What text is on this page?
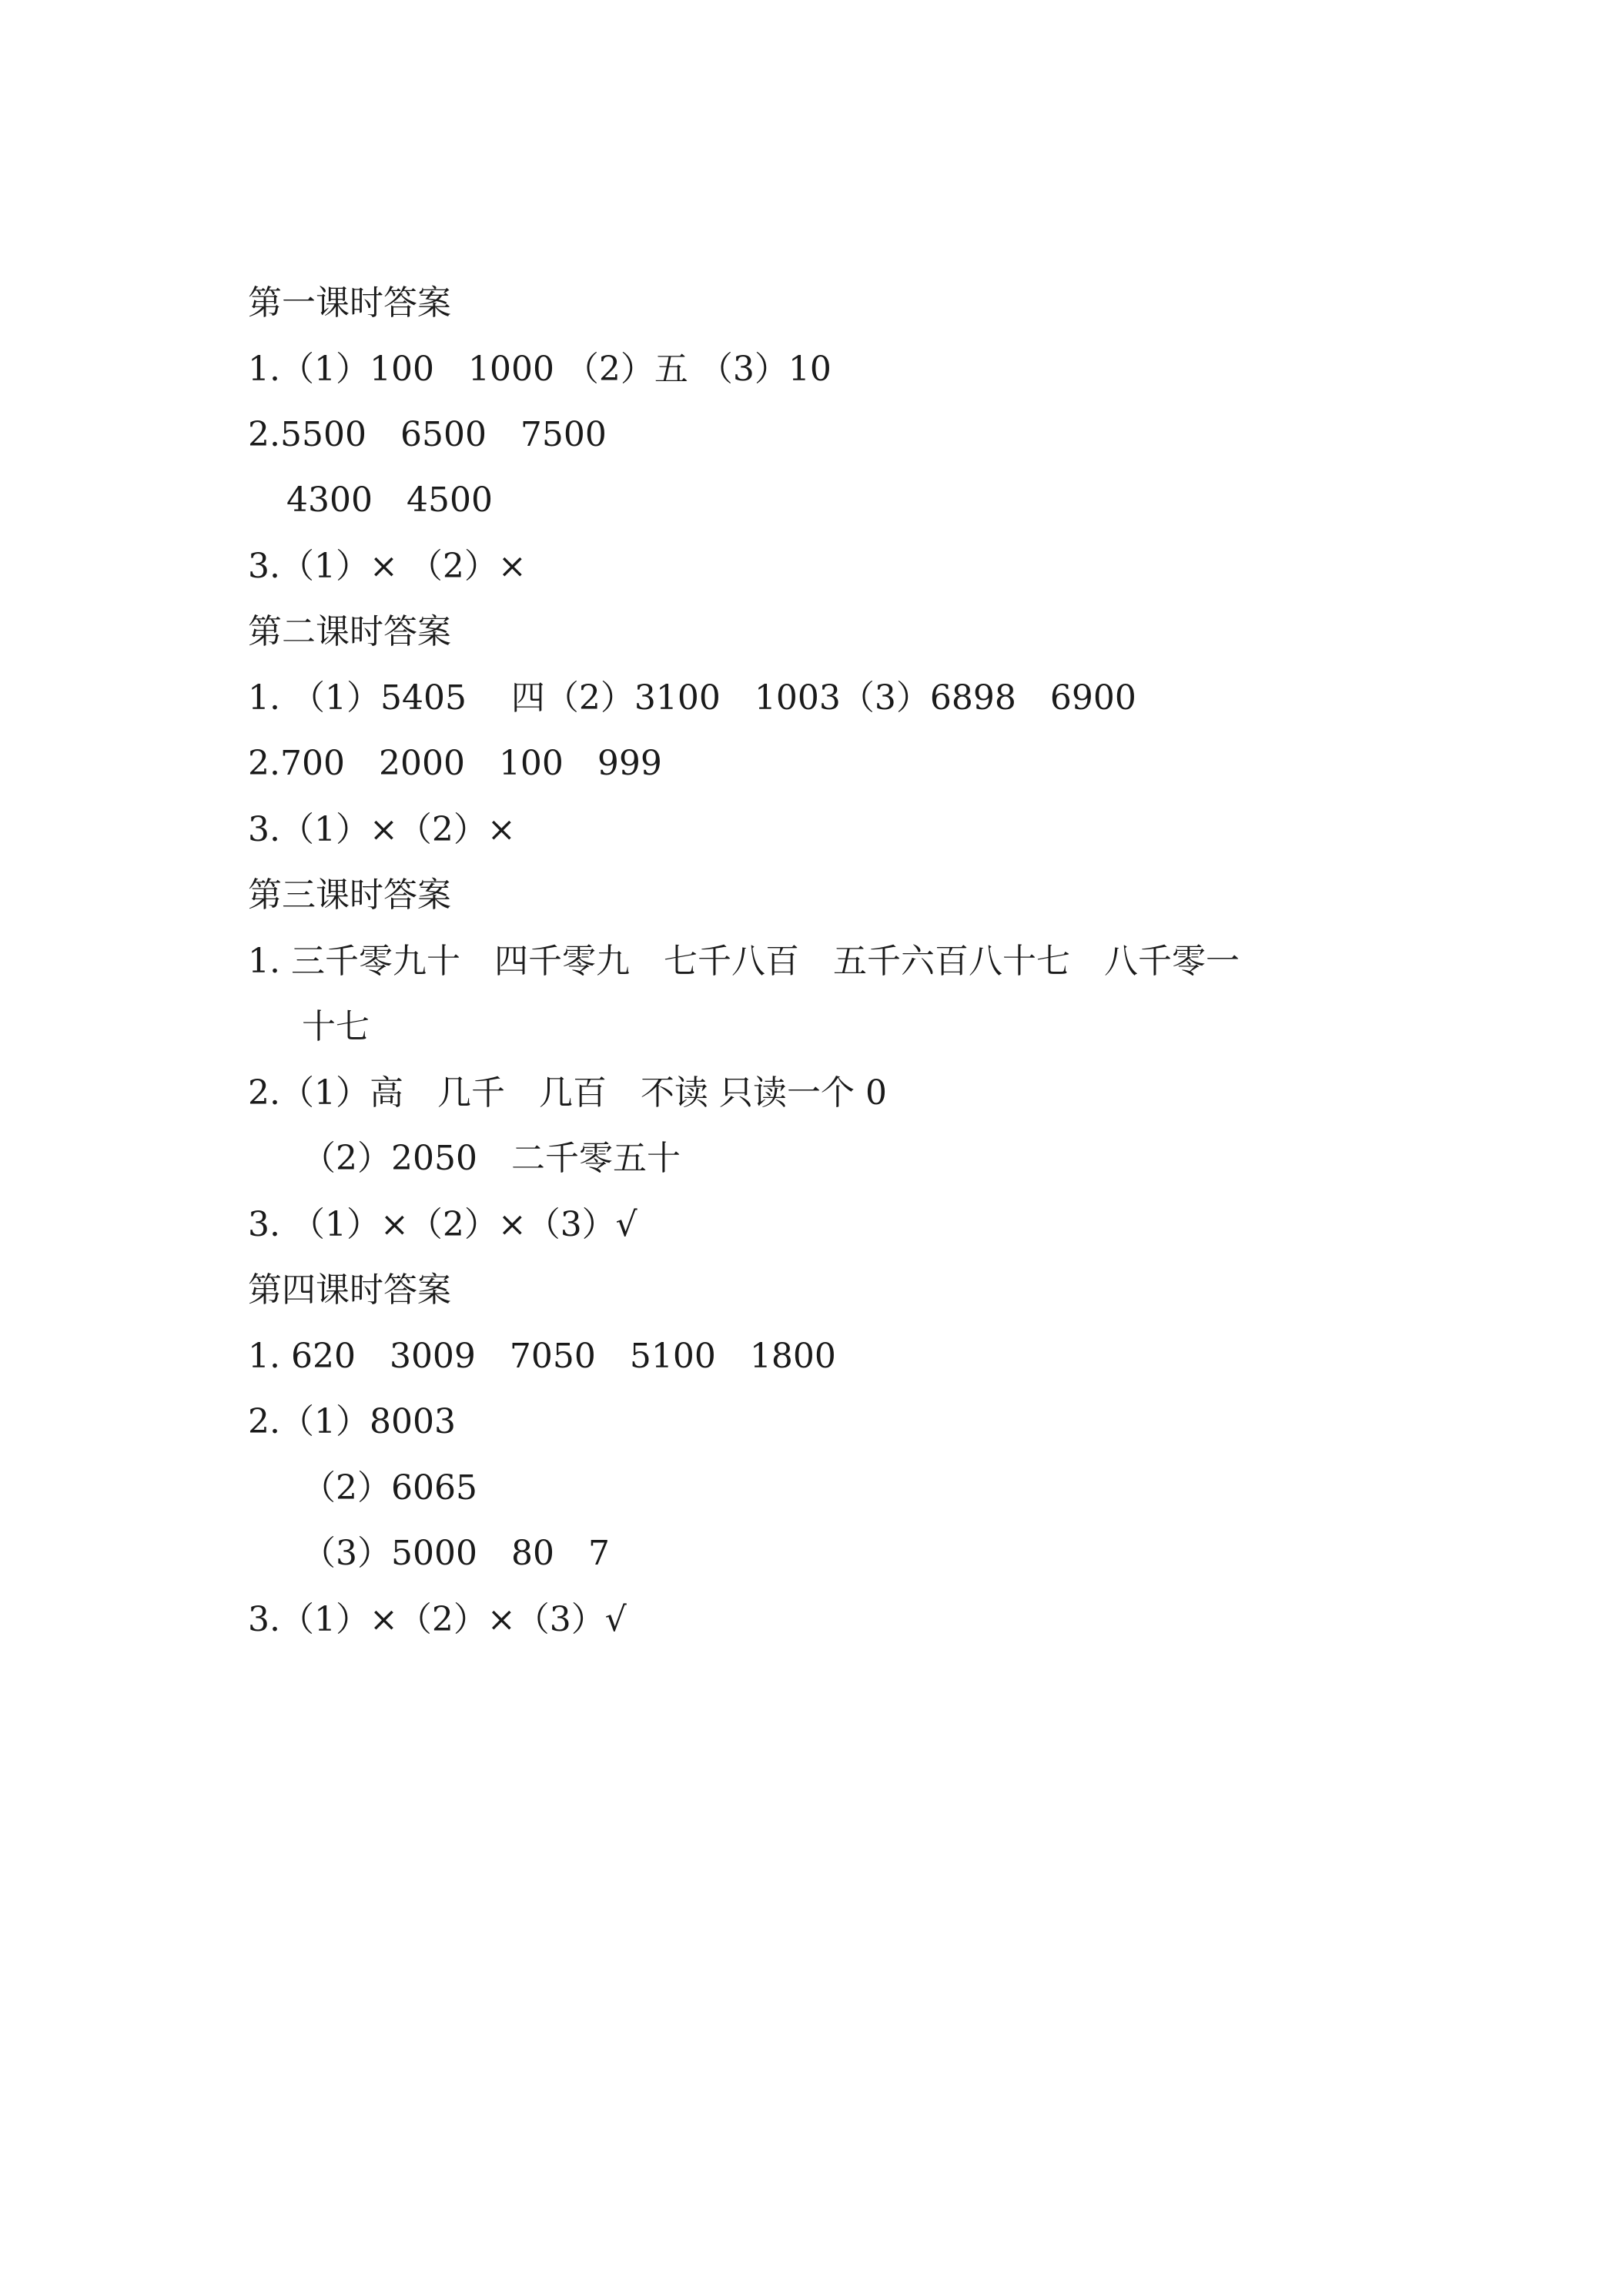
第一课时答案
1.（1）100　1000 （2）五 （3）10
2.5500　6500　7500
4300　4500
3.（1）× （2）×
第二课时答案
1. （1）5405　 四（2）3100　1003（3）6898　6900
2.700　2000　100　999
3.（1）×（2）×
第三课时答案
1. 三千零九十　四千零九　七千八百　五千六百八十七　八千零一
十七
2.（1）高　几千　几百　不读 只读一个 0
（2）2050　二千零五十
3. （1）×（2）×（3）√
第四课时答案
1. 620　3009　7050　5100　1800
2.（1）8003
（2）6065
（3）5000　80　7
3.（1）×（2）×（3）√
